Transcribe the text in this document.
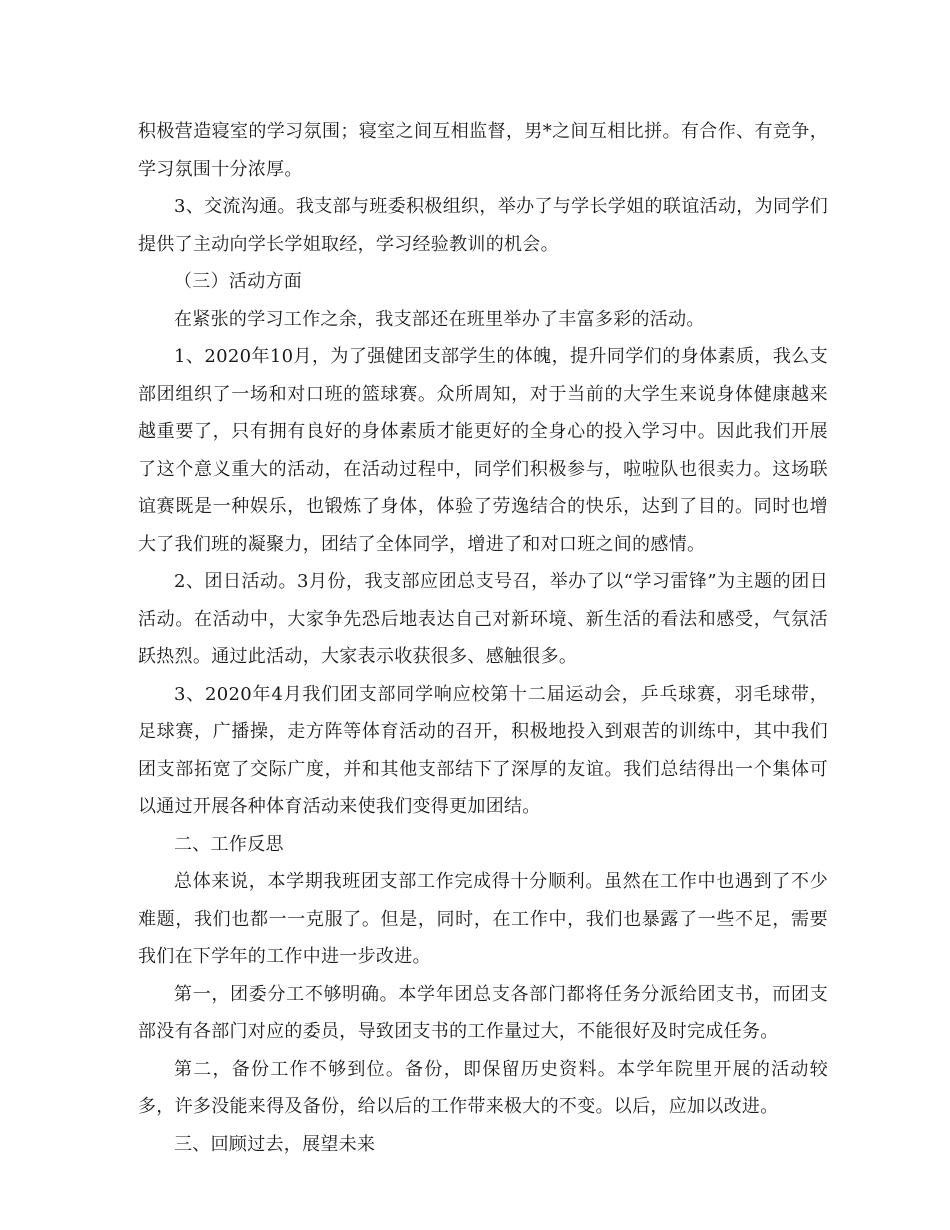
积极营造寝室的学习氛围；寝室之间互相监督，男*之间互相比拼。有合作、有竞争，学习氛围十分浓厚。

3、交流沟通。我支部与班委积极组织，举办了与学长学姐的联谊活动，为同学们提供了主动向学长学姐取经，学习经验教训的机会。

（三）活动方面

在紧张的学习工作之余，我支部还在班里举办了丰富多彩的活动。

1、2020年10月，为了强健团支部学生的体魄，提升同学们的身体素质，我么支部团组织了一场和对口班的篮球赛。众所周知，对于当前的大学生来说身体健康越来越重要了，只有拥有良好的身体素质才能更好的全身心的投入学习中。因此我们开展了这个意义重大的活动，在活动过程中，同学们积极参与，啦啦队也很卖力。这场联谊赛既是一种娱乐，也锻炼了身体，体验了劳逸结合的快乐，达到了目的。同时也增大了我们班的凝聚力，团结了全体同学，增进了和对口班之间的感情。

2、团日活动。3月份，我支部应团总支号召，举办了以“学习雷锋”为主题的团日活动。在活动中，大家争先恐后地表达自己对新环境、新生活的看法和感受，气氛活跃热烈。通过此活动，大家表示收获很多、感触很多。

3、2020年4月我们团支部同学响应校第十二届运动会，乒乓球赛，羽毛球带，足球赛，广播操，走方阵等体育活动的召开，积极地投入到艰苦的训练中，其中我们团支部拓宽了交际广度，并和其他支部结下了深厚的友谊。我们总结得出一个集体可以通过开展各种体育活动来使我们变得更加团结。

二、工作反思

总体来说，本学期我班团支部工作完成得十分顺利。虽然在工作中也遇到了不少难题，我们也都一一克服了。但是，同时，在工作中，我们也暴露了一些不足，需要我们在下学年的工作中进一步改进。

第一，团委分工不够明确。本学年团总支各部门都将任务分派给团支书，而团支部没有各部门对应的委员，导致团支书的工作量过大，不能很好及时完成任务。

第二，备份工作不够到位。备份，即保留历史资料。本学年院里开展的活动较多，许多没能来得及备份，给以后的工作带来极大的不变。以后，应加以改进。

三、回顾过去，展望未来
